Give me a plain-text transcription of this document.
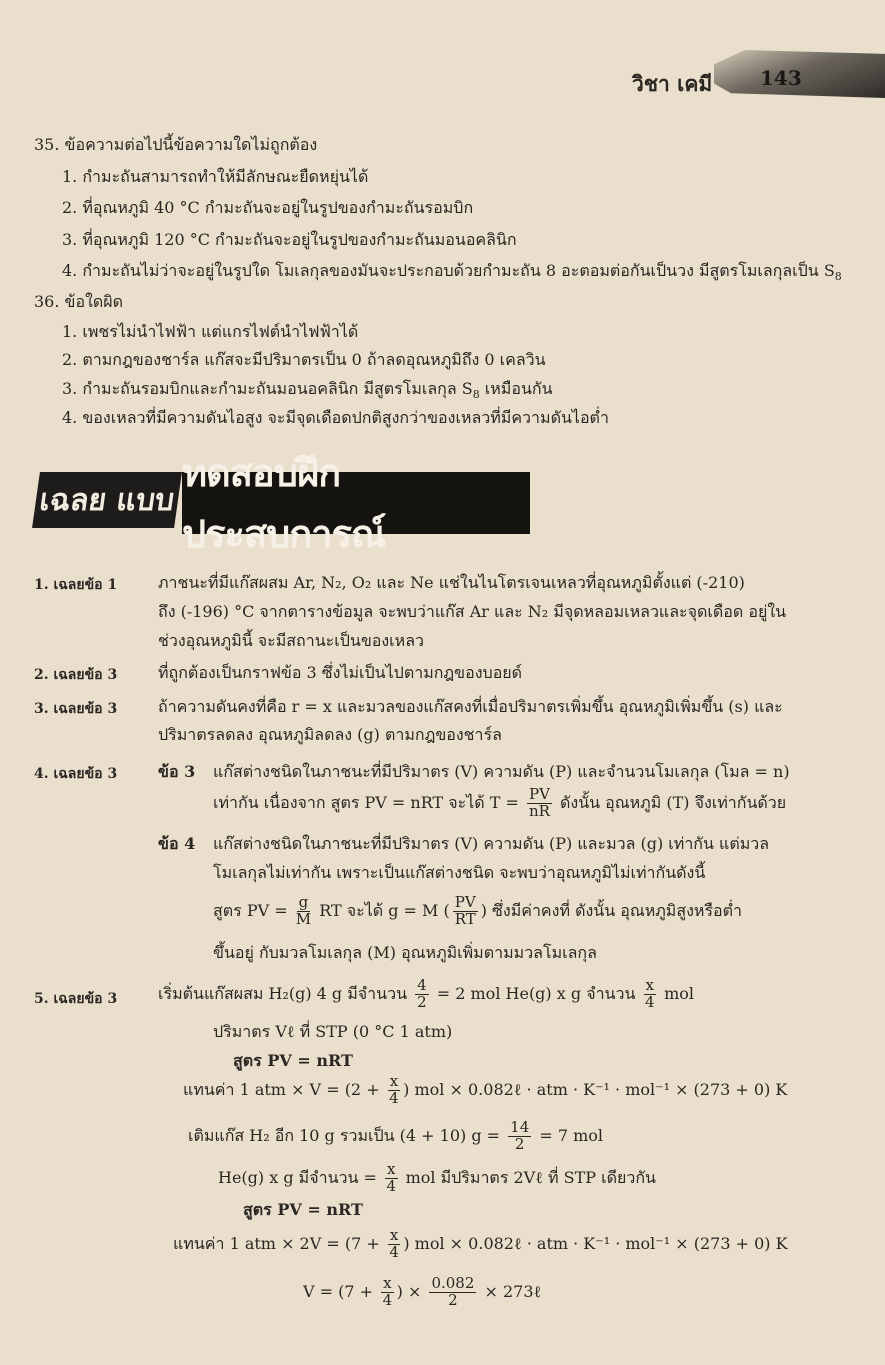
วิชา เคมี 143
35. ข้อความต่อไปนี้ข้อความใดไม่ถูกต้อง
1. กำมะถันสามารถทำให้มีลักษณะยืดหยุ่นได้
2. ที่อุณหภูมิ 40 °C กำมะถันจะอยู่ในรูปของกำมะถันรอมบิก
3. ที่อุณหภูมิ 120 °C กำมะถันจะอยู่ในรูปของกำมะถันมอนอคลินิก
4. กำมะถันไม่ว่าจะอยู่ในรูปใด โมเลกุลของมันจะประกอบด้วยกำมะถัน 8 อะตอมต่อกันเป็นวง มีสูตรโมเลกุลเป็น $S_8$
36. ข้อใดผิด
1. เพชรไม่นำไฟฟ้า แต่แกรไฟต์นำไฟฟ้าได้
2. ตามกฎของชาร์ล แก๊สจะมีปริมาตรเป็น 0 ถ้าลดอุณหภูมิถึง 0 เคลวิน
3. กำมะถันรอมบิกและกำมะถันมอนอคลินิก มีสูตรโมเลกุล $S_8$ เหมือนกัน
4. ของเหลวที่มีความดันไอสูง จะมีจุดเดือดปกติสูงกว่าของเหลวที่มีความดันไอต่ำ
เฉลย แบบ
ทดสอบฝึกประสบการณ์
1. เฉลยข้อ 1	ภาชนะที่มีแก๊สผสม Ar, N₂, O₂ และ Ne แช่ในไนโตรเจนเหลวที่อุณหภูมิตั้งแต่ (-210)
ถึง (-196) °C จากตารางข้อมูล จะพบว่าแก๊ส Ar และ N₂ มีจุดหลอมเหลวและจุดเดือด อยู่ใน
ช่วงอุณหภูมินี้ จะมีสถานะเป็นของเหลว
2. เฉลยข้อ 3	ที่ถูกต้องเป็นกราฟข้อ 3 ซึ่งไม่เป็นไปตามกฎของบอยด์
3. เฉลยข้อ 3	ถ้าความดันคงที่คือ r = x และมวลของแก๊สคงที่เมื่อปริมาตรเพิ่มขึ้น อุณหภูมิเพิ่มขึ้น (s) และ
ปริมาตรลดลง อุณหภูมิลดลง (g) ตามกฎของชาร์ล
4. เฉลยข้อ 3	ข้อ 3 แก๊สต่างชนิดในภาชนะที่มีปริมาตร (V) ความดัน (P) และจำนวนโมเลกุล (โมล = n)
เท่ากัน เนื่องจาก สูตร PV = nRT จะได้ $T = \frac{PV}{nR}$ ดังนั้น อุณหภูมิ (T) จึงเท่ากันด้วย
ข้อ 4 แก๊สต่างชนิดในภาชนะที่มีปริมาตร (V) ความดัน (P) และมวล (g) เท่ากัน แต่มวล
โมเลกุลไม่เท่ากัน เพราะเป็นแก๊สต่างชนิด จะพบว่าอุณหภูมิไม่เท่ากันดังนี้
สูตร PV = $\frac{g}{M}$ RT จะได้ g = M ( $\frac{PV}{RT}$ ) ซึ่งมีค่าคงที่ ดังนั้น อุณหภูมิสูงหรือต่ำ
ขึ้นอยู่ กับมวลโมเลกุล (M) อุณหภูมิเพิ่มตามมวลโมเลกุล
5. เฉลยข้อ 3	เริ่มต้นแก๊สผสม H₂(g) 4 g มีจำนวน $\frac{4}{2} = 2$ mol He(g) x g จำนวน $\frac{x}{4}$ mol
ปริมาตร Vℓ ที่ STP (0 °C 1 atm)
สูตร PV = nRT
แทนค่า 1 atm × $V = (2 + \frac{x}{4}$ ) mol × 0.082ℓ · atm · K⁻¹ · mol⁻¹ × (273 + 0) K
เติมแก๊ส H₂ อีก 10 g รวมเป็น (4 + 10) $g = \frac{14}{2} = 7$ mol
He(g) x g มีจำนวน = $\frac{x}{4}$ mol มีปริมาตร 2Vℓ ที่ STP เดียวกัน
สูตร PV = nRT
แทนค่า 1 atm × $2V = (7 + \frac{x}{4}$ ) mol × 0.082ℓ · atm · K⁻¹ · mol⁻¹ × (273 + 0) K
$V = (7 + \frac{x}{4}$ ) × $\frac{0.082}{2}$ × 273ℓ
